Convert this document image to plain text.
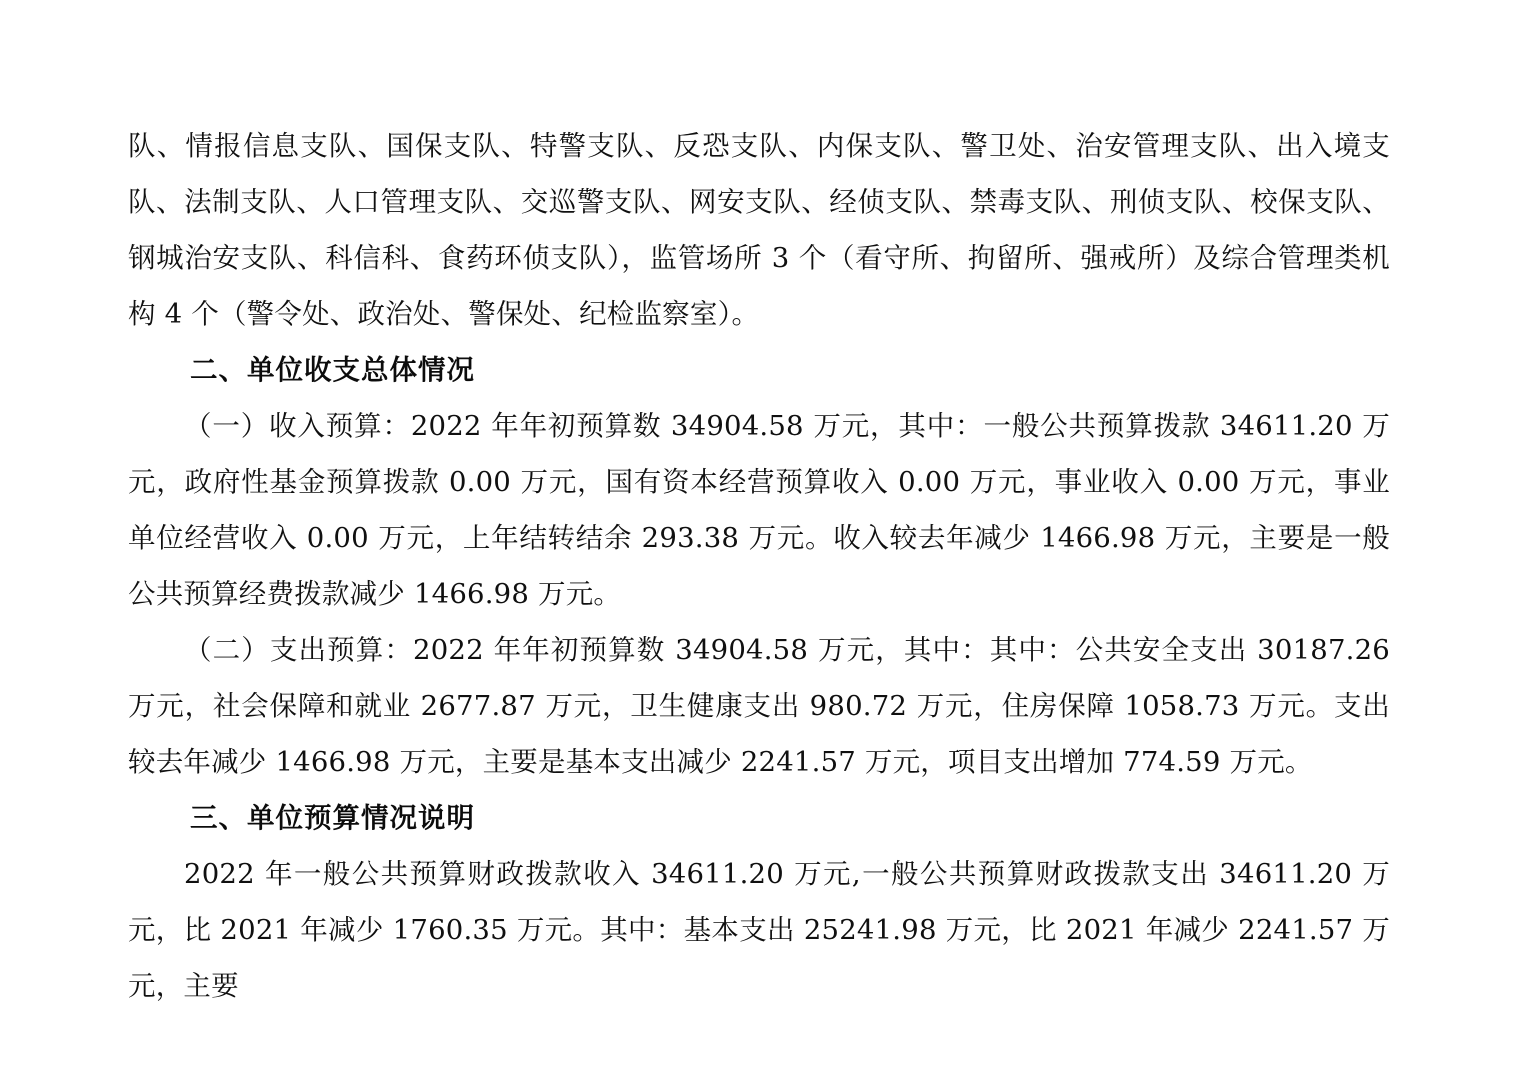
队、情报信息支队、国保支队、特警支队、反恐支队、内保支队、警卫处、治安管理支队、出入境支队、法制支队、人口管理支队、交巡警支队、网安支队、经侦支队、禁毒支队、刑侦支队、校保支队、钢城治安支队、科信科、食药环侦支队），监管场所 3 个（看守所、拘留所、强戒所）及综合管理类机构 4 个（警令处、政治处、警保处、纪检监察室）。

二、单位收支总体情况

（一）收入预算：2022 年年初预算数 34904.58 万元，其中：一般公共预算拨款 34611.20 万元，政府性基金预算拨款 0.00 万元，国有资本经营预算收入 0.00 万元，事业收入 0.00 万元，事业单位经营收入 0.00 万元，上年结转结余 293.38 万元。收入较去年减少 1466.98 万元，主要是一般公共预算经费拨款减少 1466.98 万元。

（二）支出预算：2022 年年初预算数 34904.58 万元，其中：其中：公共安全支出 30187.26 万元，社会保障和就业 2677.87 万元，卫生健康支出 980.72 万元，住房保障 1058.73 万元。支出较去年减少 1466.98 万元，主要是基本支出减少 2241.57 万元，项目支出增加 774.59 万元。

三、单位预算情况说明

2022 年一般公共预算财政拨款收入 34611.20 万元,一般公共预算财政拨款支出 34611.20 万元，比 2021 年减少 1760.35 万元。其中：基本支出 25241.98 万元，比 2021 年减少 2241.57 万元，主要
